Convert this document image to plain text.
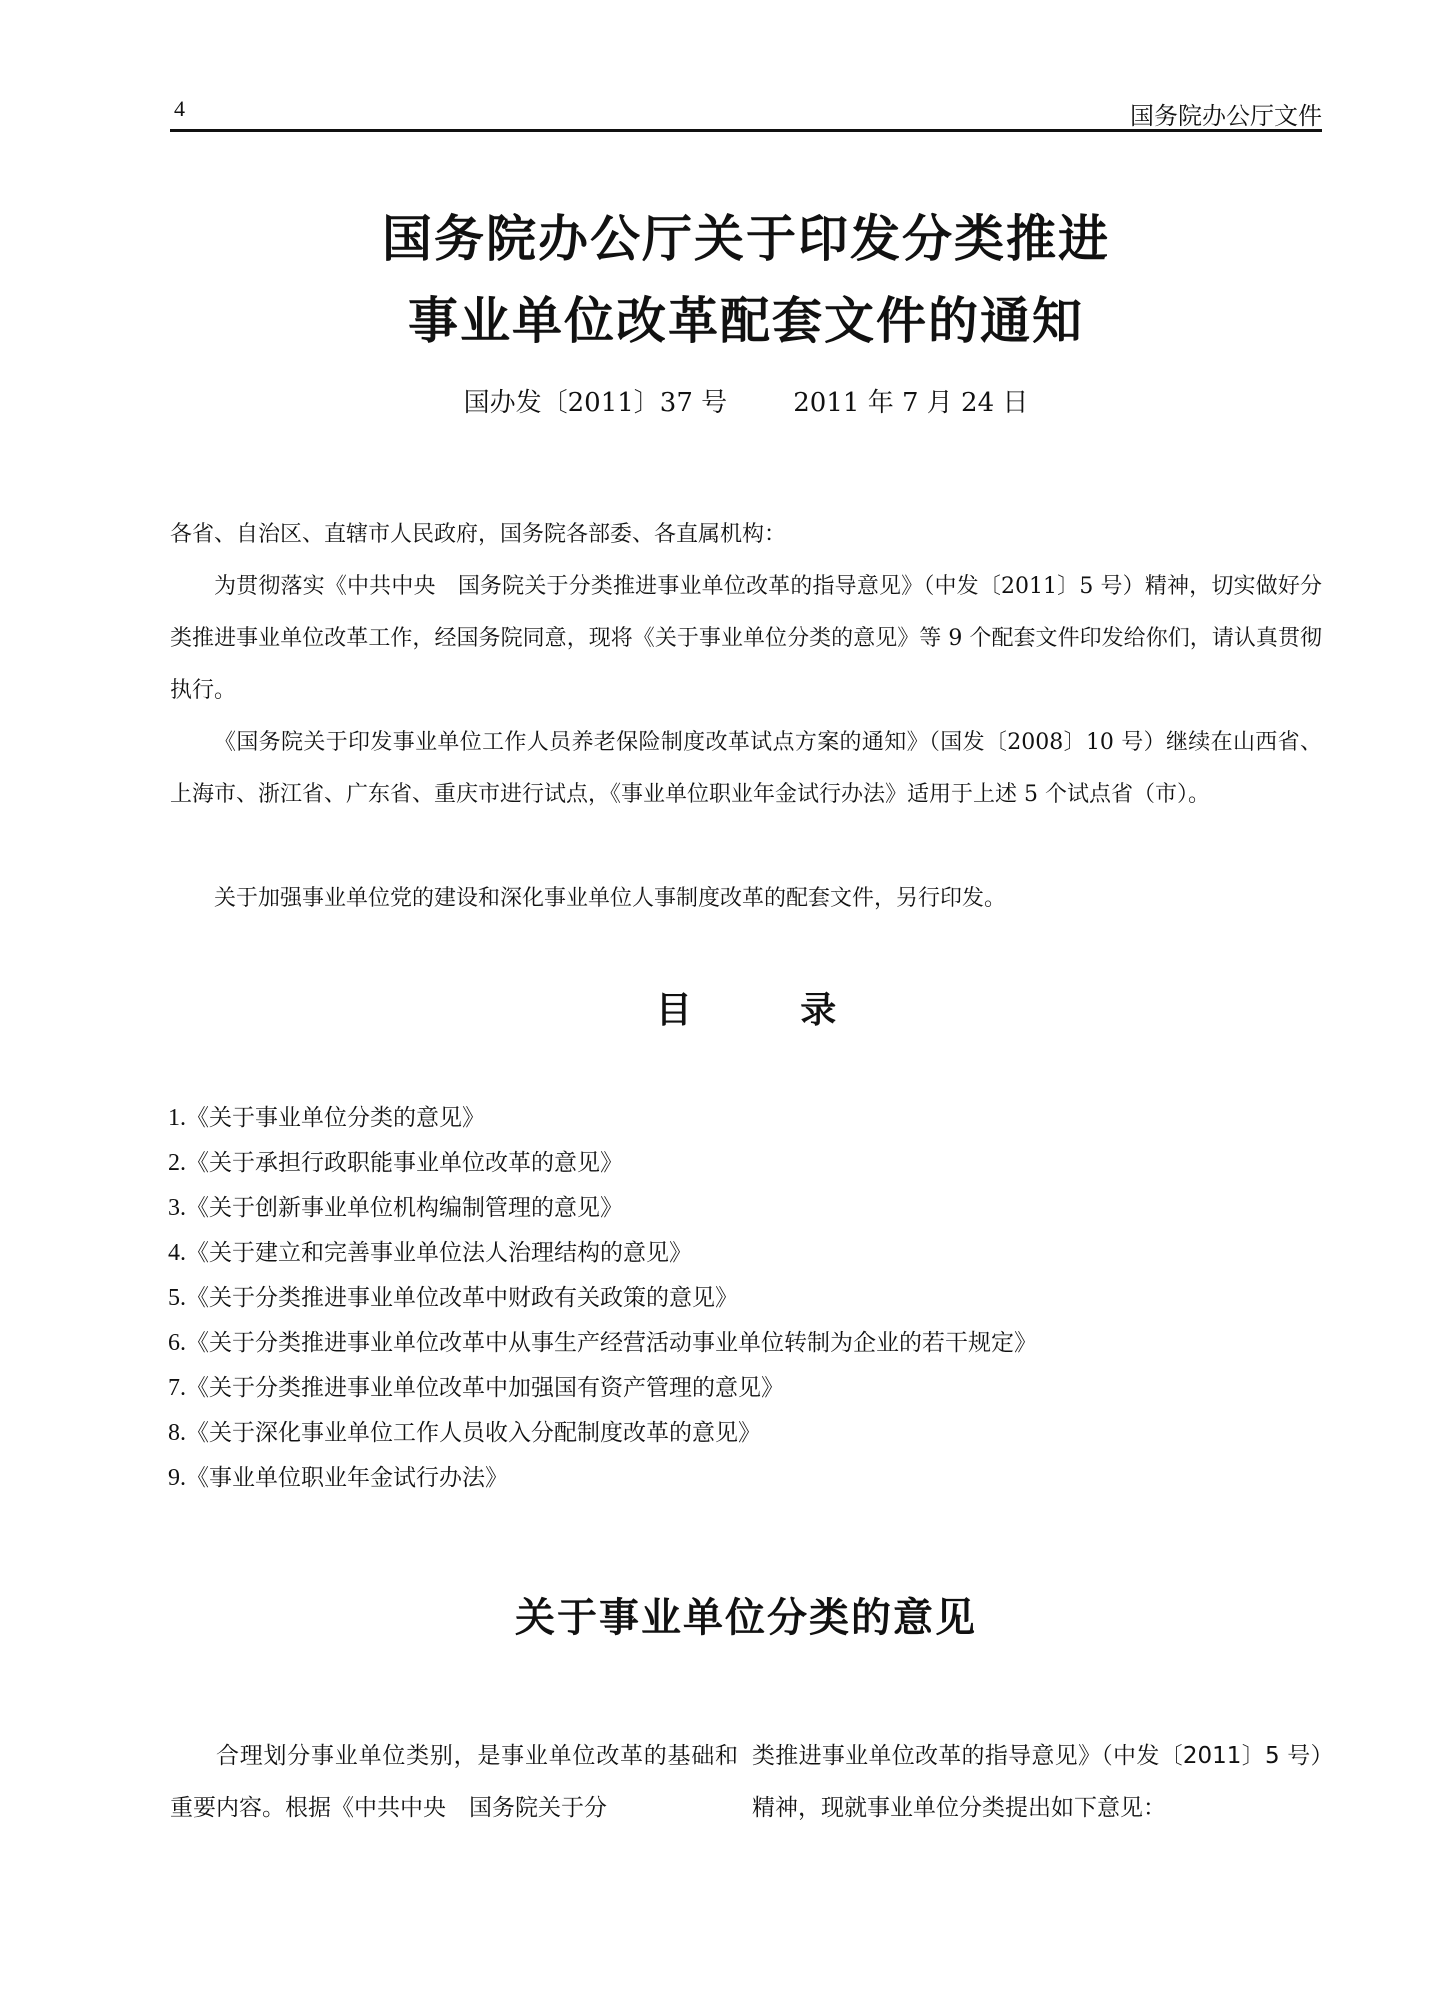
4	国务院办公厅文件
国务院办公厅关于印发分类推进
事业单位改革配套文件的通知
国办发〔2011〕37 号	2011 年 7 月 24 日
各省、自治区、直辖市人民政府，国务院各部委、各直属机构：
为贯彻落实《中共中央　国务院关于分类推进事业单位改革的指导意见》（中发〔2011〕5 号）精神，切实做好分类推进事业单位改革工作，经国务院同意，现将《关于事业单位分类的意见》等 9 个配套文件印发给你们，请认真贯彻执行。
《国务院关于印发事业单位工作人员养老保险制度改革试点方案的通知》（国发〔2008〕10 号）继续在山西省、上海市、浙江省、广东省、重庆市进行试点，《事业单位职业年金试行办法》适用于上述 5 个试点省（市）。
关于加强事业单位党的建设和深化事业单位人事制度改革的配套文件，另行印发。
目 录
1.《关于事业单位分类的意见》
2.《关于承担行政职能事业单位改革的意见》
3.《关于创新事业单位机构编制管理的意见》
4.《关于建立和完善事业单位法人治理结构的意见》
5.《关于分类推进事业单位改革中财政有关政策的意见》
6.《关于分类推进事业单位改革中从事生产经营活动事业单位转制为企业的若干规定》
7.《关于分类推进事业单位改革中加强国有资产管理的意见》
8.《关于深化事业单位工作人员收入分配制度改革的意见》
9.《事业单位职业年金试行办法》
关于事业单位分类的意见
合理划分事业单位类别，是事业单位改革的基础和重要内容。根据《中共中央　国务院关于分
类推进事业单位改革的指导意见》（中发〔2011〕5 号）精神，现就事业单位分类提出如下意见：
